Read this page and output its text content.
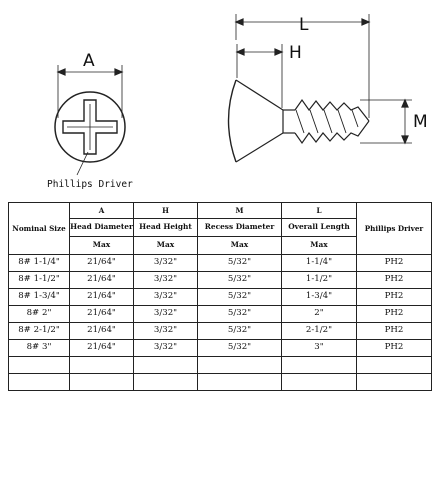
A	H
L
M
Phillips Driver
Nominal Size	A	H	M	L	Phillips Driver
	Head Diameter	Head Height	Recess Diameter	Overall Length	
	Max	Max	Max	Max	
8# 1-1/4"	21/64"	3/32"	5/32"	1-1/4"	PH2
8# 1-1/2"	21/64"	3/32"	5/32"	1-1/2"	PH2
8# 1-3/4"	21/64"	3/32"	5/32"	1-3/4"	PH2
8# 2"	21/64"	3/32"	5/32"	2"	PH2
8# 2-1/2"	21/64"	3/32"	5/32"	2-1/2"	PH2
8# 3"	21/64"	3/32"	5/32"	3"	PH2
